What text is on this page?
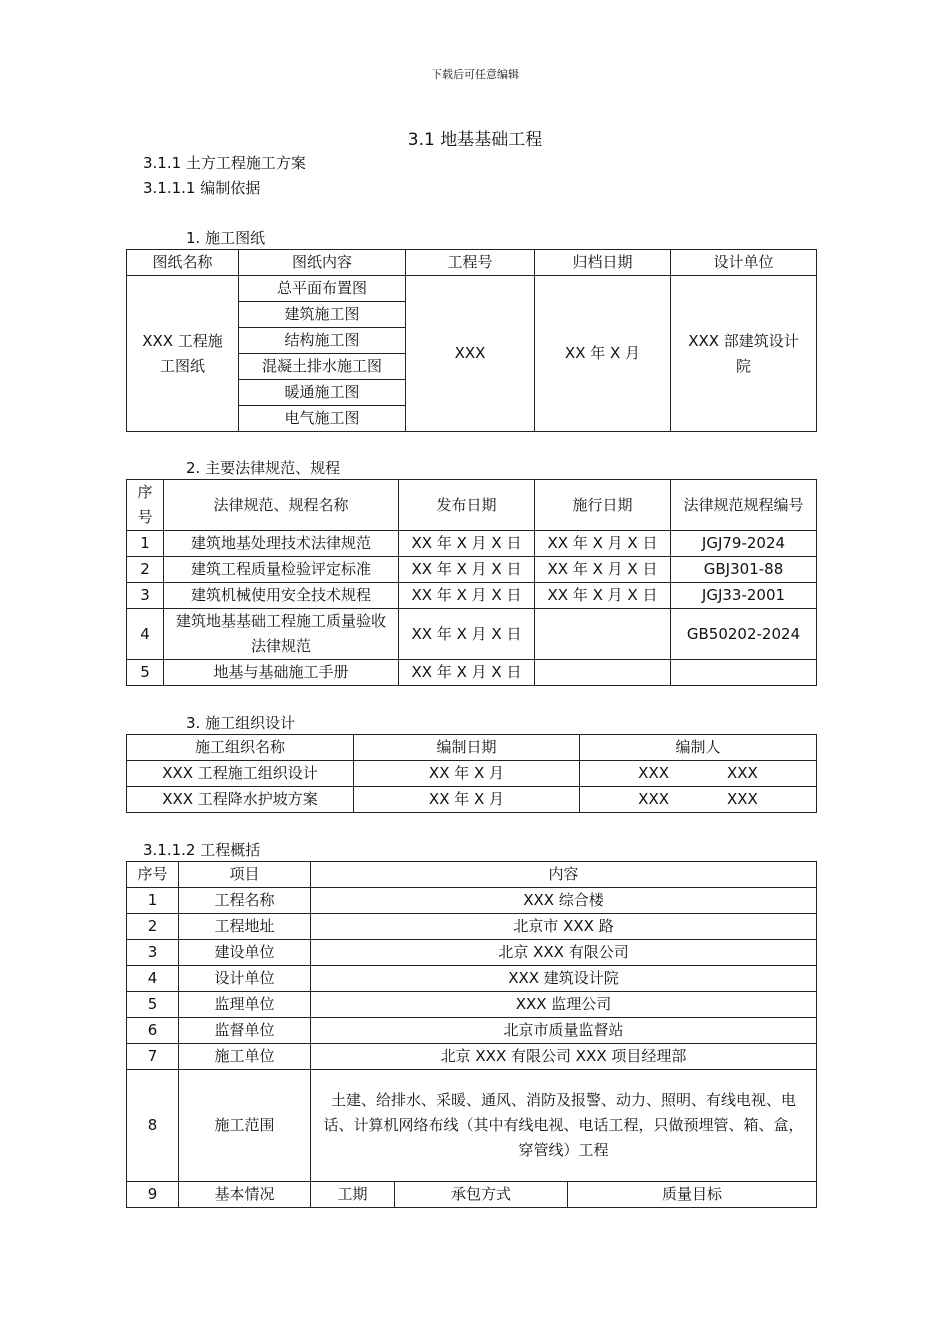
下载后可任意编辑
3.1 地基基础工程
3.1.1 土方工程施工方案
3.1.1.1 编制依据
1. 施工图纸
图纸名称	图纸内容	工程号	归档日期	设计单位
XXX 工程施工图纸	总平面布置图	XXX	XX 年 X 月	XXX 部建筑设计院
	建筑施工图			
	结构施工图			
	混凝土排水施工图			
	暖通施工图			
	电气施工图			
2. 主要法律规范、规程
序号	法律规范、规程名称	发布日期	施行日期	法律规范规程编号
1	建筑地基处理技术法律规范	XX 年 X 月 X 日	XX 年 X 月 X 日	JGJ79-2024
2	建筑工程质量检验评定标准	XX 年 X 月 X 日	XX 年 X 月 X 日	GBJ301-88
3	建筑机械使用安全技术规程	XX 年 X 月 X 日	XX 年 X 月 X 日	JGJ33-2001
4	建筑地基基础工程施工质量验收法律规范	XX 年 X 月 X 日		GB50202-2024
5	地基与基础施工手册	XX 年 X 月 X 日		
3. 施工组织设计
施工组织名称	编制日期	编制人
XXX 工程施工组织设计	XX 年 X 月	XXX XXX
XXX 工程降水护坡方案	XX 年 X 月	XXX XXX
3.1.1.2 工程概括
序号	项目	内容		
1	工程名称	XXX 综合楼		
2	工程地址	北京市 XXX 路		
3	建设单位	北京 XXX 有限公司		
4	设计单位	XXX 建筑设计院		
5	监理单位	XXX 监理公司		
6	监督单位	北京市质量监督站		
7	施工单位	北京 XXX 有限公司 XXX 项目经理部		
8	施工范围	土建、给排水、采暖、通风、消防及报警、动力、照明、有线电视、电话、计算机网络布线（其中有线电视、电话工程，只做预埋管、箱、盒，穿管线）工程		
9	基本情况	工期	承包方式	质量目标
